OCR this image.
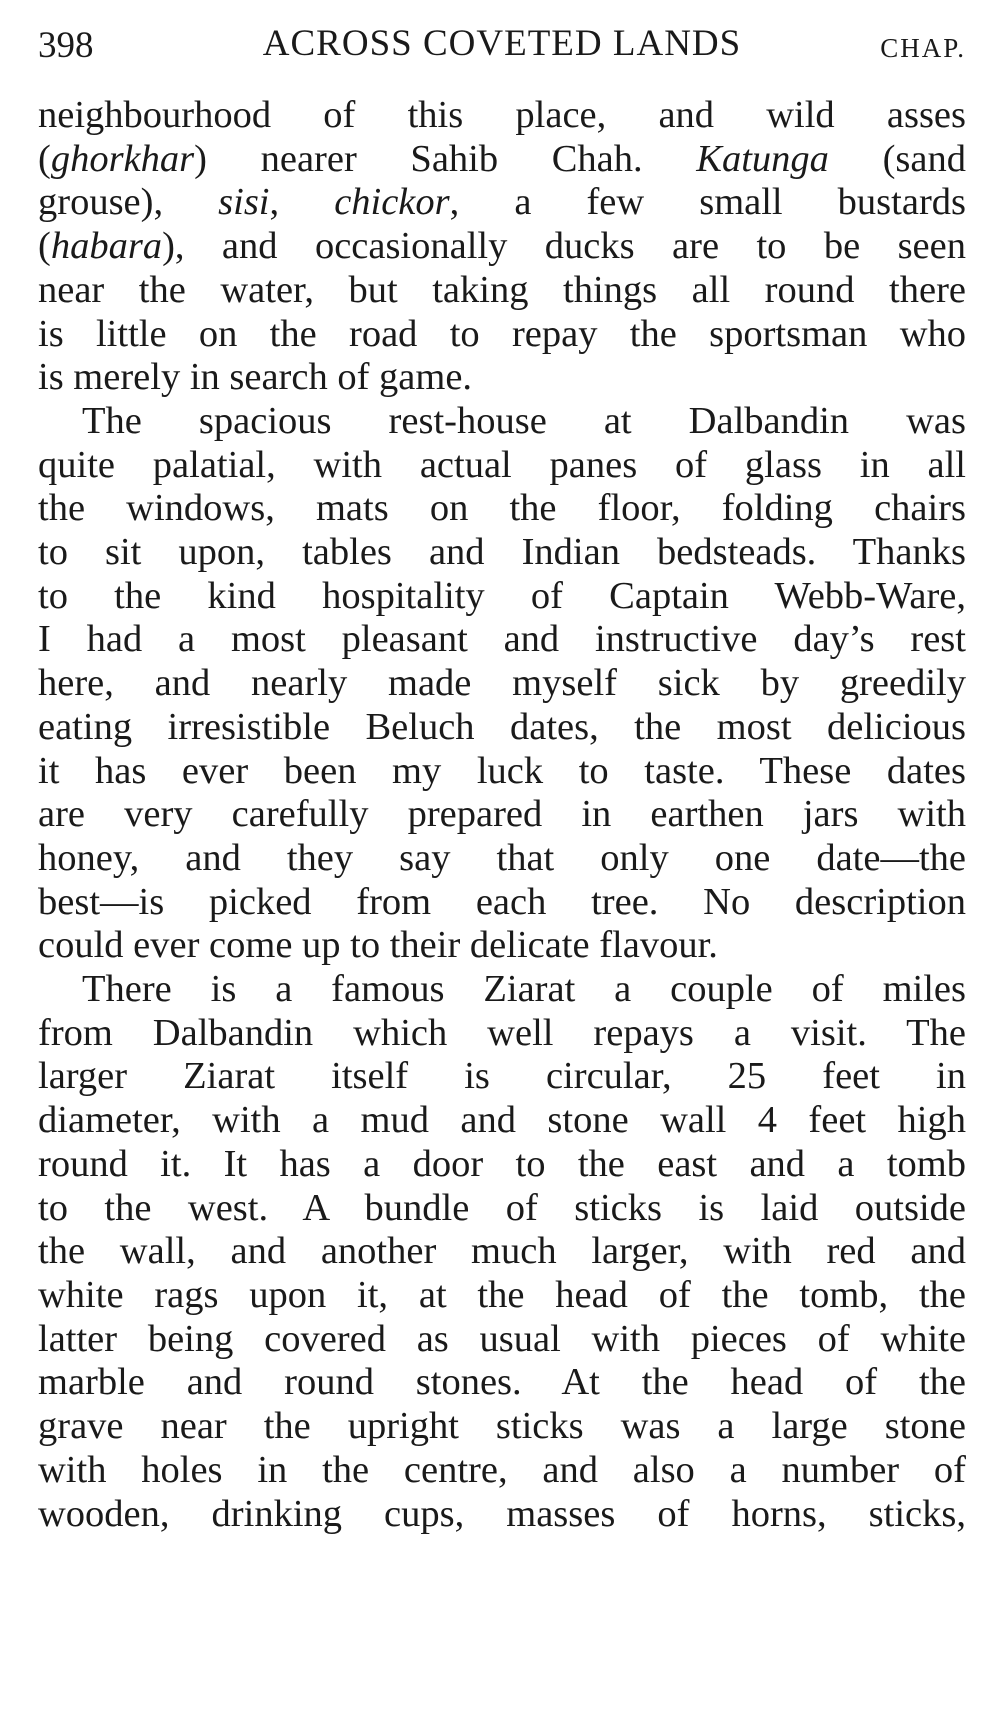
398	ACROSS COVETED LANDS	CHAP.
neighbourhood of this place, and wild asses
(ghorkhar) nearer Sahib Chah. Katunga (sand
grouse), sisi, chickor, a few small bustards
(habara), and occasionally ducks are to be seen
near the water, but taking things all round there
is little on the road to repay the sportsman who
is merely in search of game.
The spacious rest-house at Dalbandin was
quite palatial, with actual panes of glass in all
the windows, mats on the floor, folding chairs
to sit upon, tables and Indian bedsteads. Thanks
to the kind hospitality of Captain Webb-Ware,
I had a most pleasant and instructive day’s rest
here, and nearly made myself sick by greedily
eating irresistible Beluch dates, the most delicious
it has ever been my luck to taste. These dates
are very carefully prepared in earthen jars with
honey, and they say that only one date—the
best—is picked from each tree. No description
could ever come up to their delicate flavour.
There is a famous Ziarat a couple of miles
from Dalbandin which well repays a visit. The
larger Ziarat itself is circular, 25 feet in
diameter, with a mud and stone wall 4 feet high
round it. It has a door to the east and a tomb
to the west. A bundle of sticks is laid outside
the wall, and another much larger, with red and
white rags upon it, at the head of the tomb, the
latter being covered as usual with pieces of white
marble and round stones. At the head of the
grave near the upright sticks was a large stone
with holes in the centre, and also a number of
wooden, drinking cups, masses of horns, sticks,
